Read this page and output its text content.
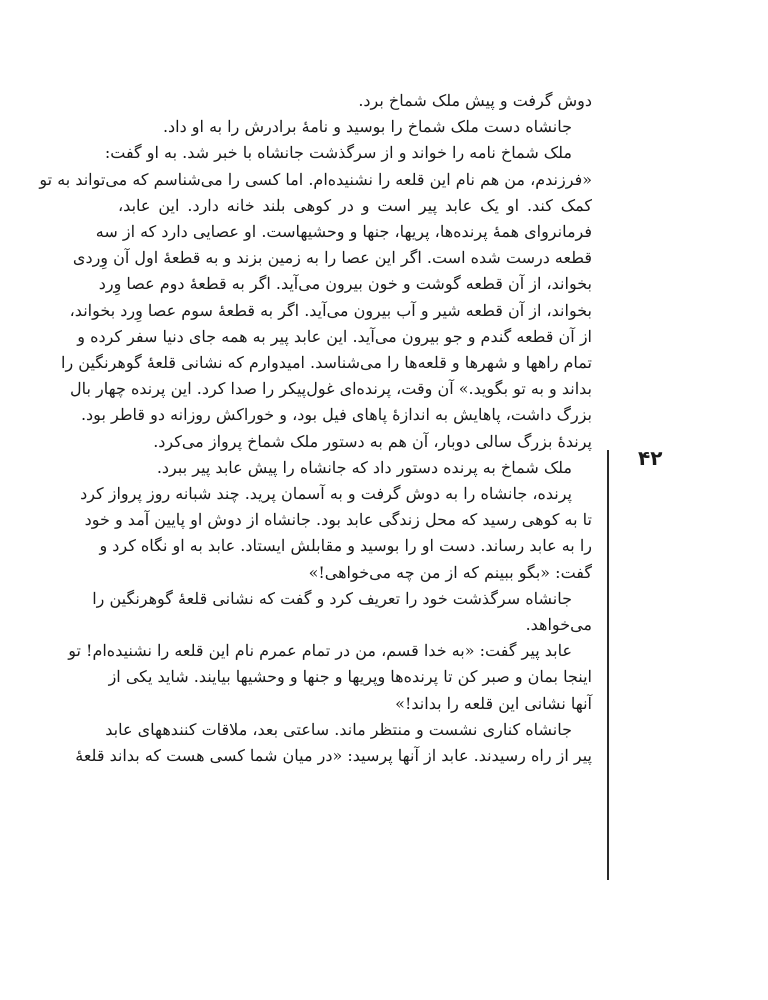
دوش گرفت و پیش ملک شماخ برد.
جانشاه دست ملک شماخ را بوسید و نامهٔ برادرش را به او داد.
ملک شماخ نامه را خواند و از سرگذشت جانشاه با خبر شد. به او گفت:
«فرزندم، من هم نام این قلعه را نشنیده‌ام. اما کسی را می‌شناسم که می‌تواند به تو
کمک کند. او یک عابد پیر است و در کوهی بلند خانه دارد. این عابد،
فرمانروای همهٔ پرنده‌ها، پریها، جنها و وحشیهاست. او عصایی دارد که از سه
قطعه درست شده است. اگر این عصا را به زمین بزند و به قطعهٔ اول آن وِردی
بخواند، از آن قطعه گوشت و خون بیرون می‌آید. اگر به قطعهٔ دوم عصا وِرد
بخواند، از آن قطعه شیر و آب بیرون می‌آید. اگر به قطعهٔ سوم عصا وِرد بخواند،
از آن قطعه گندم و جو بیرون می‌آید. این عابد پیر به همه جای دنیا سفر کرده و
تمام راهها و شهرها و قلعه‌ها را می‌شناسد. امیدوارم که نشانی قلعهٔ گوهرنگین را
بداند و به تو بگوید.» آن وقت، پرنده‌ای غول‌پیکر را صدا کرد. این پرنده چهار بال
بزرگ داشت، پاهایش به اندازهٔ پاهای فیل بود، و خوراکش روزانه دو قاطر بود.
پرندهٔ بزرگ سالی دوبار، آن هم به دستور ملک شماخ پرواز می‌کرد.
ملک شماخ به پرنده دستور داد که جانشاه را پیش عابد پیر ببرد.
پرنده، جانشاه را به دوش گرفت و به آسمان پرید. چند شبانه روز پرواز کرد
تا به کوهی رسید که محل زندگی عابد بود. جانشاه از دوش او پایین آمد و خود
را به عابد رساند. دست او را بوسید و مقابلش ایستاد. عابد به او نگاه کرد و
گفت: «بگو ببینم که از من چه می‌خواهی!»
جانشاه سرگذشت خود را تعریف کرد و گفت که نشانی قلعهٔ گوهرنگین را
می‌خواهد.
عابد پیر گفت: «به خدا قسم، من در تمام عمرم نام این قلعه را نشنیده‌ام! تو
اینجا بمان و صبر کن تا پرنده‌ها وپریها و جنها و وحشیها بیایند. شاید یکی از
آنها نشانی این قلعه را بداند!»
جانشاه کناری نشست و منتظر ماند. ساعتی بعد، ملاقات کنندههای عابد
پیر از راه رسیدند. عابد از آنها پرسید: «در میان شما کسی هست که بداند قلعهٔ
۴۲
